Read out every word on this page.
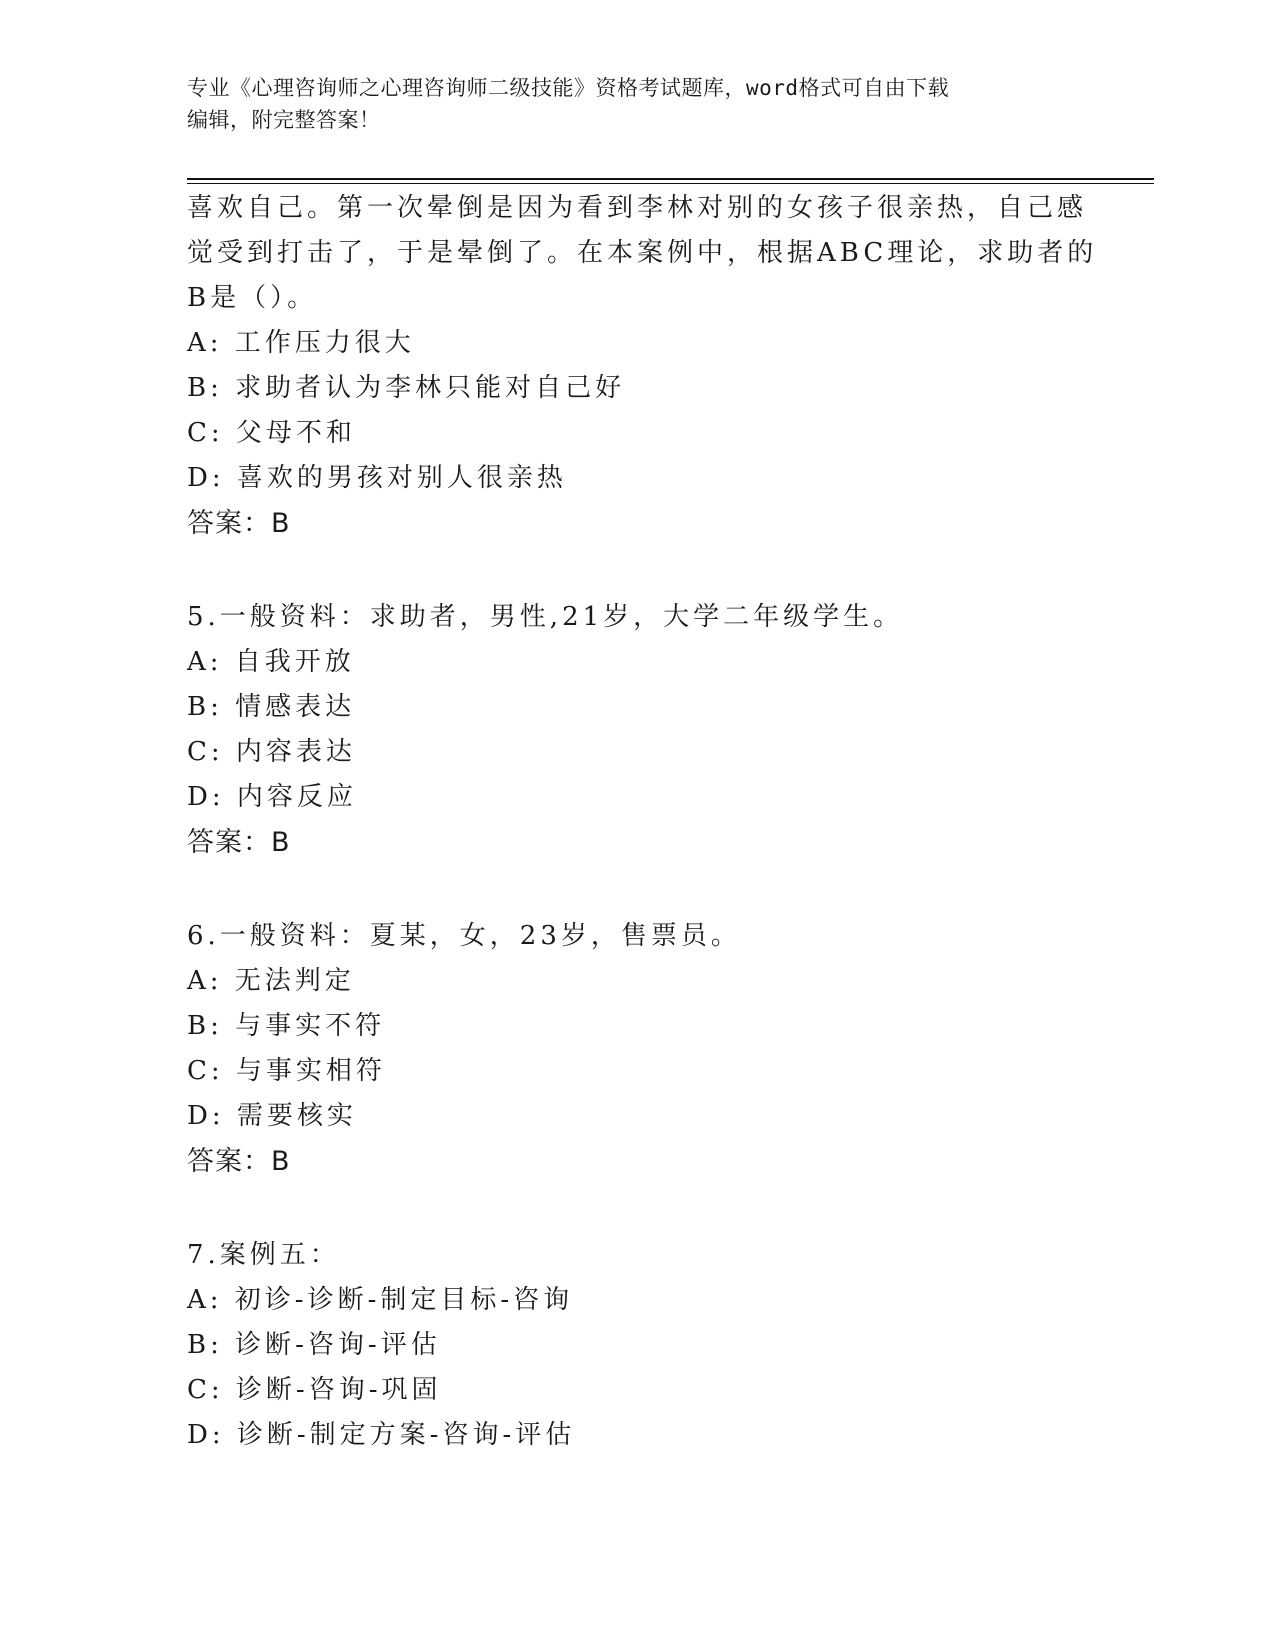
专业《心理咨询师之心理咨询师二级技能》资格考试题库，word格式可自由下载
编辑，附完整答案！
喜欢自己。第一次晕倒是因为看到李林对别的女孩子很亲热，自己感
觉受到打击了，于是晕倒了。在本案例中，根据ABC理论，求助者的
B是（）。
A: 工作压力很大
B: 求助者认为李林只能对自己好
C: 父母不和
D: 喜欢的男孩对别人很亲热
答案：B
5.一般资料：求助者，男性,21岁，大学二年级学生。
A: 自我开放
B: 情感表达
C: 内容表达
D: 内容反应
答案：B
6.一般资料：夏某，女，23岁，售票员。
A: 无法判定
B: 与事实不符
C: 与事实相符
D: 需要核实
答案：B
7.案例五：
A: 初诊-诊断-制定目标-咨询
B: 诊断-咨询-评估
C: 诊断-咨询-巩固
D: 诊断-制定方案-咨询-评估
